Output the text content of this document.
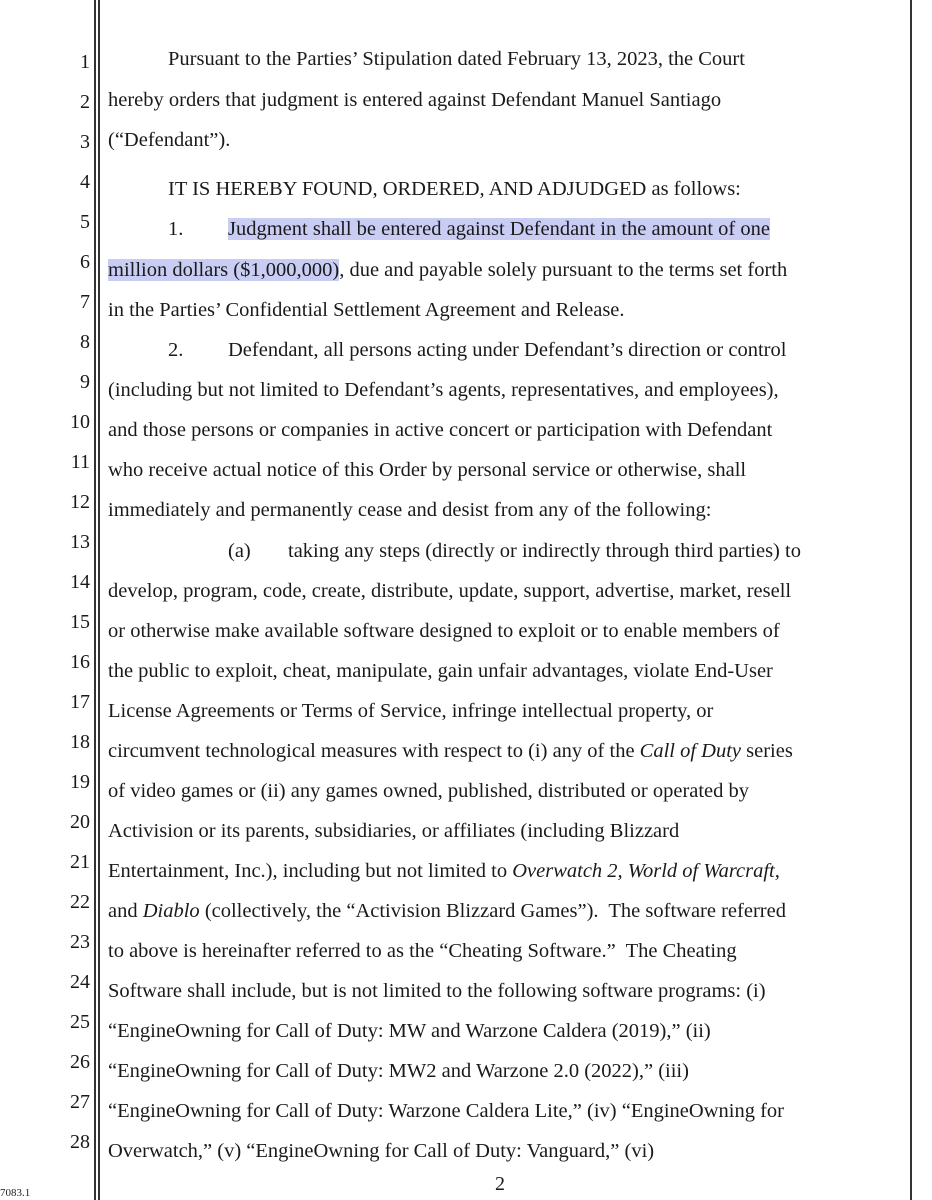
1
2
3
4
5
6
7
8
9
10
11
12
13
14
15
16
17
18
19
20
21
22
23
24
25
26
27
28
Pursuant to the Parties’ Stipulation dated February 13, 2023, the Court
hereby orders that judgment is entered against Defendant Manuel Santiago
(“Defendant”).
IT IS HEREBY FOUND, ORDERED, AND ADJUDGED as follows:
1. Judgment shall be entered against Defendant in the amount of one
million dollars ($1,000,000), due and payable solely pursuant to the terms set forth
in the Parties’ Confidential Settlement Agreement and Release.
2. Defendant, all persons acting under Defendant’s direction or control
(including but not limited to Defendant’s agents, representatives, and employees),
and those persons or companies in active concert or participation with Defendant
who receive actual notice of this Order by personal service or otherwise, shall
immediately and permanently cease and desist from any of the following:
(a) taking any steps (directly or indirectly through third parties) to
develop, program, code, create, distribute, update, support, advertise, market, resell
or otherwise make available software designed to exploit or to enable members of
the public to exploit, cheat, manipulate, gain unfair advantages, violate End-User
License Agreements or Terms of Service, infringe intellectual property, or
circumvent technological measures with respect to (i) any of the Call of Duty series
of video games or (ii) any games owned, published, distributed or operated by
Activision or its parents, subsidiaries, or affiliates (including Blizzard
Entertainment, Inc.), including but not limited to Overwatch 2, World of Warcraft,
and Diablo (collectively, the “Activision Blizzard Games”).  The software referred
to above is hereinafter referred to as the “Cheating Software.”  The Cheating
Software shall include, but is not limited to the following software programs: (i)
“EngineOwning for Call of Duty: MW and Warzone Caldera (2019),” (ii)
“EngineOwning for Call of Duty: MW2 and Warzone 2.0 (2022),” (iii)
“EngineOwning for Call of Duty: Warzone Caldera Lite,” (iv) “EngineOwning for
Overwatch,” (v) “EngineOwning for Call of Duty: Vanguard,” (vi)
2
7083.1
